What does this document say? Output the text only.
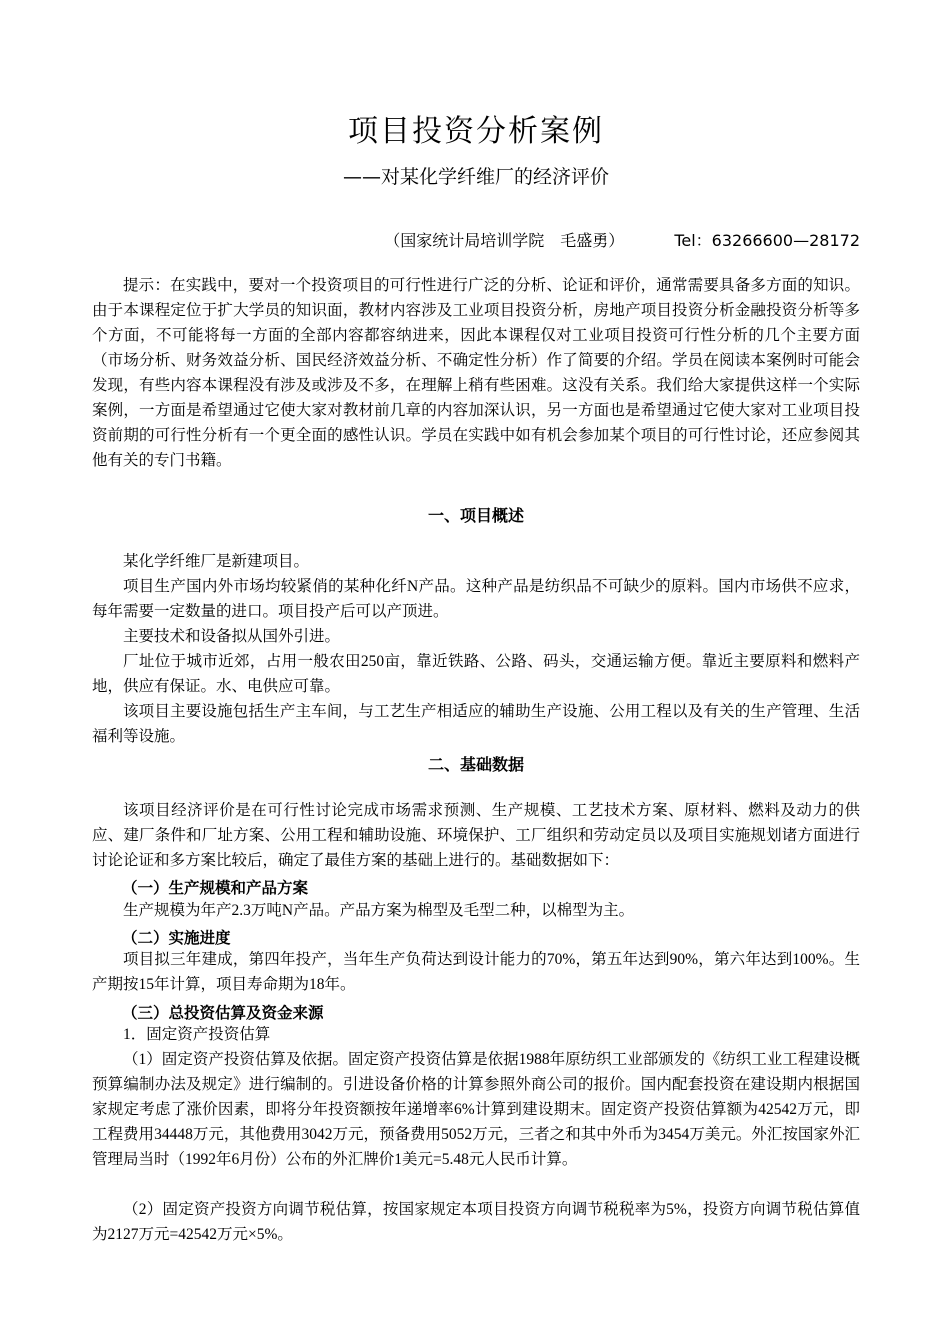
项目投资分析案例
——对某化学纤维厂的经济评价
（国家统计局培训学院　毛盛勇）	Tel：63266600—28172

提示：在实践中，要对一个投资项目的可行性进行广泛的分析、论证和评价，通常需要具备多方面的知识。由于本课程定位于扩大学员的知识面，教材内容涉及工业项目投资分析，房地产项目投资分析金融投资分析等多个方面，不可能将每一方面的全部内容都容纳进来，因此本课程仅对工业项目投资可行性分析的几个主要方面（市场分析、财务效益分析、国民经济效益分析、不确定性分析）作了简要的介绍。学员在阅读本案例时可能会发现，有些内容本课程没有涉及或涉及不多，在理解上稍有些困难。这没有关系。我们给大家提供这样一个实际案例，一方面是希望通过它使大家对教材前几章的内容加深认识，另一方面也是希望通过它使大家对工业项目投资前期的可行性分析有一个更全面的感性认识。学员在实践中如有机会参加某个项目的可行性讨论，还应参阅其他有关的专门书籍。

一、项目概述

某化学纤维厂是新建项目。

项目生产国内外市场均较紧俏的某种化纤N产品。这种产品是纺织品不可缺少的原料。国内市场供不应求，每年需要一定数量的进口。项目投产后可以产顶进。

主要技术和设备拟从国外引进。

厂址位于城市近郊，占用一般农田250亩，靠近铁路、公路、码头，交通运输方便。靠近主要原料和燃料产地，供应有保证。水、电供应可靠。

该项目主要设施包括生产主车间，与工艺生产相适应的辅助生产设施、公用工程以及有关的生产管理、生活福利等设施。

二、基础数据

该项目经济评价是在可行性讨论完成市场需求预测、生产规模、工艺技术方案、原材料、燃料及动力的供应、建厂条件和厂址方案、公用工程和辅助设施、环境保护、工厂组织和劳动定员以及项目实施规划诸方面进行讨论论证和多方案比较后，确定了最佳方案的基础上进行的。基础数据如下：

（一）生产规模和产品方案

生产规模为年产2.3万吨N产品。产品方案为棉型及毛型二种，以棉型为主。

（二）实施进度

项目拟三年建成，第四年投产，当年生产负荷达到设计能力的70%，第五年达到90%，第六年达到100%。生产期按15年计算，项目寿命期为18年。

（三）总投资估算及资金来源

1．固定资产投资估算

（1）固定资产投资估算及依据。固定资产投资估算是依据1988年原纺织工业部颁发的《纺织工业工程建设概预算编制办法及规定》进行编制的。引进设备价格的计算参照外商公司的报价。国内配套投资在建设期内根据国家规定考虑了涨价因素，即将分年投资额按年递增率6%计算到建设期末。固定资产投资估算额为42542万元，即工程费用34448万元，其他费用3042万元，预备费用5052万元，三者之和其中外币为3454万美元。外汇按国家外汇管理局当时（1992年6月份）公布的外汇牌价1美元=5.48元人民币计算。

（2）固定资产投资方向调节税估算，按国家规定本项目投资方向调节税税率为5%，投资方向调节税估算值为2127万元=42542万元×5%。
